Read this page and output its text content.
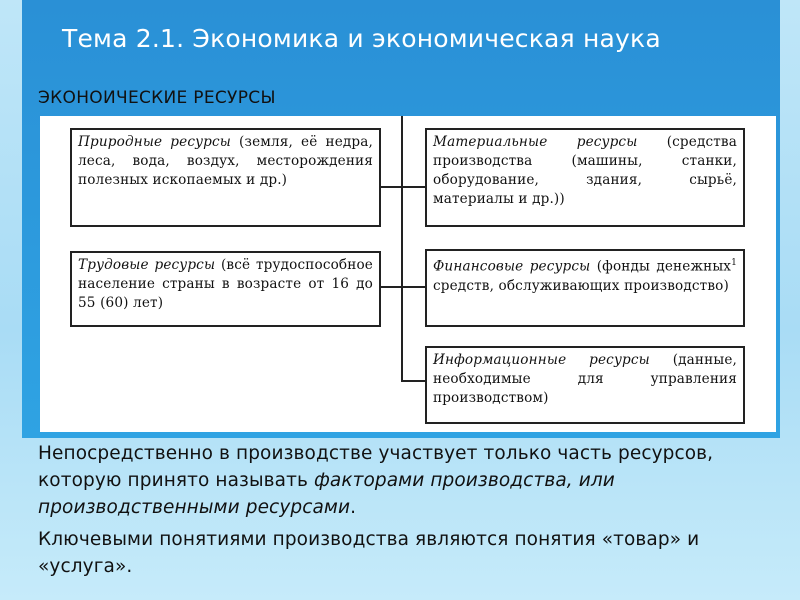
Тема 2.1. Экономика и экономическая наука
ЭКОНОИЧЕСКИЕ РЕСУРСЫ
Природные ресурсы (земля, её недра, леса, вода, воздух, месторождения полезных ископаемых и др.)
Трудовые ресурсы (всё трудоспособное население страны в возрасте от 16 до 55 (60) лет)
Материальные ресурсы (средства производства (машины, станки, оборудование, здания, сырьё, материалы и др.))
Финансовые ресурсы (фонды денежных$^1$ средств, обслуживающих производство)
Информационные ресурсы (данные, необходимые для управления производством)
Непосредственно в производстве участвует только часть ресурсов, которую принято называть факторами производства, или производственными ресурсами.
Ключевыми понятиями производства являются понятия «товар» и «услуга».
